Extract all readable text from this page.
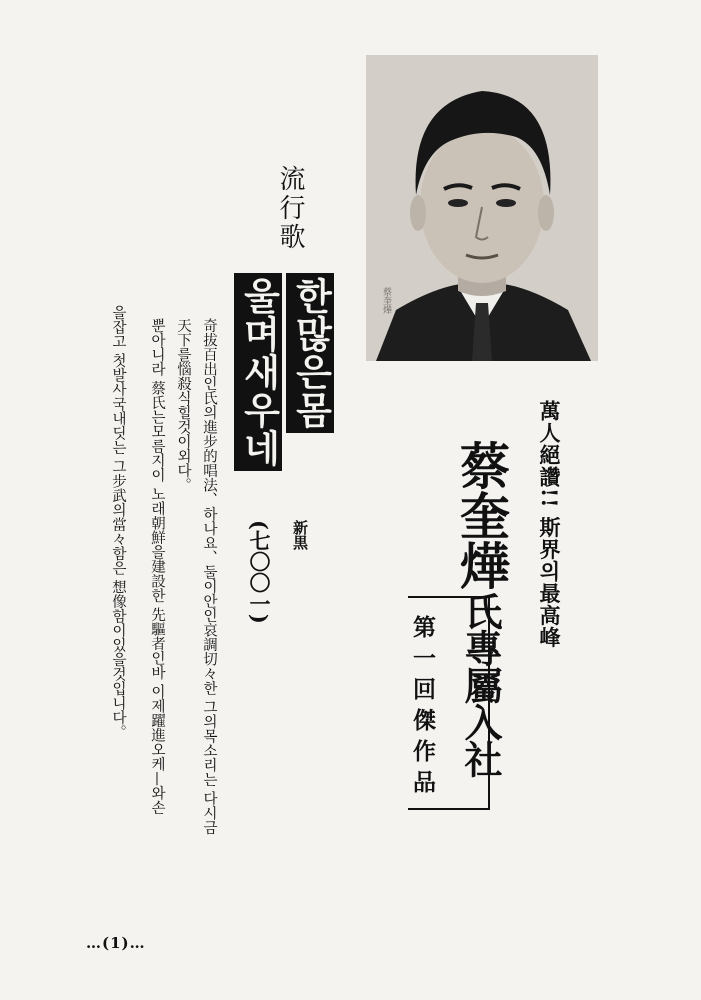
蔡奎燁
萬人絕讚!! 斯界의最高峰
蔡奎燁
氏專屬入社
第一回傑作品
流行歌
한많은몸
울며새우네
新黒
(七〇〇一)
奇拔百出인氏의進步的唱法、하나요、둘이안인哀調切々한 그의목소리는 다시금
天下를惱殺식힐것이외다。
뿐아니라 蔡氏는모름지이 노래朝鮮을建設한 先驅者인바 이제躍進오케—와손
을잡고 첫발사국내딧는 그步武의當々함은 想像함이있을것입니다。
…(1)…
